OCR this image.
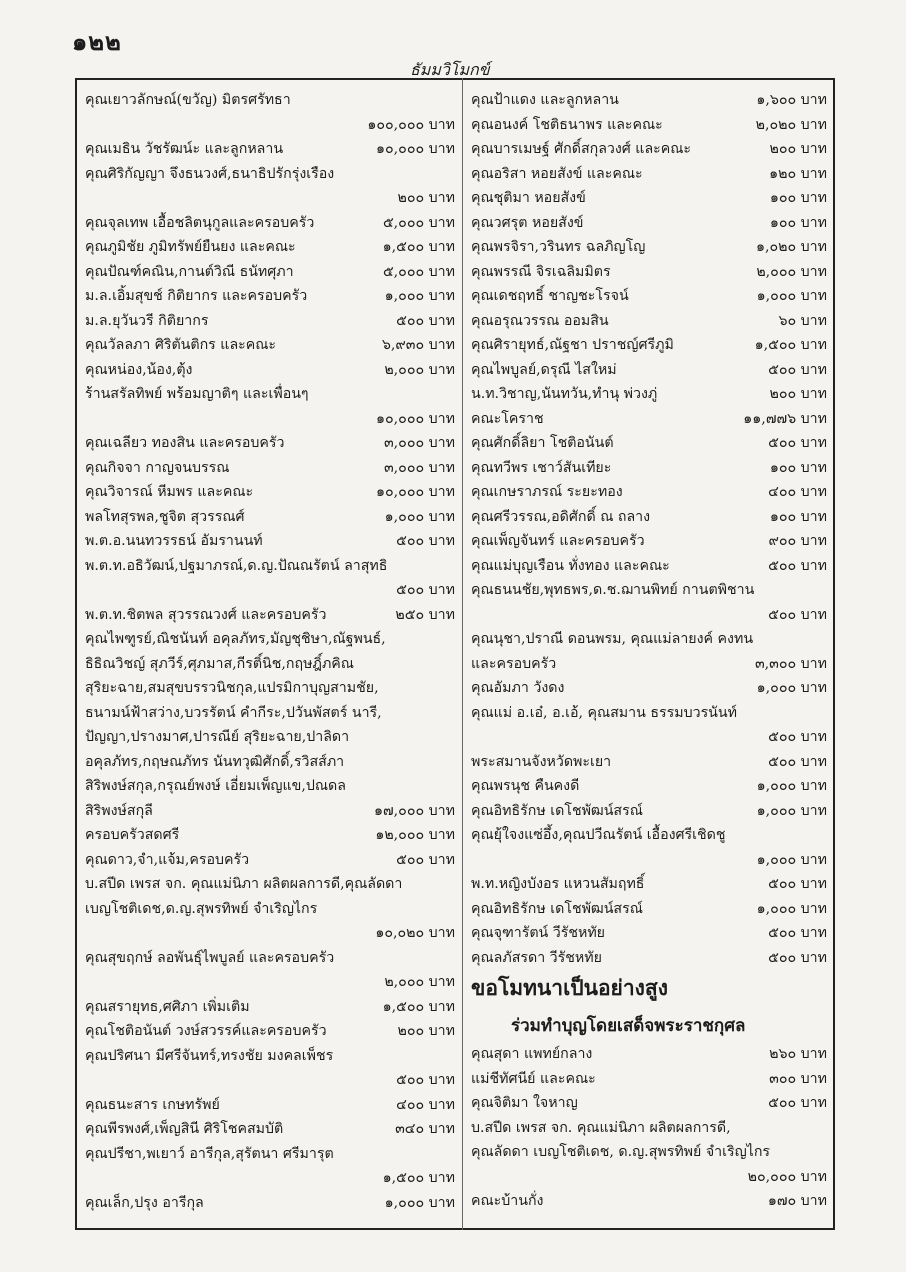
๑๒๒
ธัมมวิโมกข์
คุณเยาวลักษณ์(ขวัญ) มิตรศรัทธา
๑๐๐,๐๐๐ บาท
คุณเมธิน วัชรัฒน์ะ และลูกหลาน	๑๐,๐๐๐ บาท
คุณศิริกัญญา จึงธนวงศ์,ธนาธิปรักรุ่งเรือง
๒๐๐ บาท
คุณจุลเทพ เอื้อชลิตนุกูลและครอบครัว	๕,๐๐๐ บาท
คุณภูมิชัย ภูมิทรัพย์ยืนยง และคณะ	๑,๕๐๐ บาท
คุณปัณฑ์คณิน,กานต์วิณี ธนัทศุภา	๕,๐๐๐ บาท
ม.ล.เอิ้มสุขช์ กิติยากร และครอบครัว	๑,๐๐๐ บาท
ม.ล.ยุวันวรี กิติยากร	๕๐๐ บาท
คุณวัลลภา ศิริตันติกร และคณะ	๖,๙๓๐ บาท
คุณหน่อง,น้อง,ตุ้ง	๒,๐๐๐ บาท
ร้านสรัลทิพย์ พร้อมญาติๆ และเพื่อนๆ
๑๐,๐๐๐ บาท
คุณเฉลียว ทองสิน และครอบครัว	๓,๐๐๐ บาท
คุณกิจจา กาญจนบรรณ	๓,๐๐๐ บาท
คุณวิจารณ์ หีมพร และคณะ	๑๐,๐๐๐ บาท
พลโทสุรพล,ชูจิต สุวรรณศ์	๑,๐๐๐ บาท
พ.ต.อ.นนทวรรธน์ อัมรานนท์	๕๐๐ บาท
พ.ต.ท.อธิวัฒน์,ปฐมาภรณ์,ด.ญ.ปัณณรัตน์ ลาสุทธิ
๕๐๐ บาท
พ.ต.ท.ชิตพล สุวรรณวงศ์ และครอบครัว	๒๕๐ บาท
คุณไพฑูรย์,ณิชนันท์ อคุลภัทร,มัญชุชิษา,ณัฐพนธ์,
ธิธิณวิชญ์ สุภวีร์,ศุภมาส,กีรติ์นิช,กฤษฎิ์ภคิณ
สุริยะฉาย,สมสุขบรรวนิชกุล,แปรมิกาบุญสามชัย,
ธนามน์ฟ้าสว่าง,บวรรัตน์ คำกีระ,ปวันพัสตร์ นารี,
ปัญญา,ปรางมาศ,ปารณีย์ สุริยะฉาย,ปาลิดา
อคุลภัทร,กฤษณภัทร นันทวุฒิศักดิ์,รวิสส์ภา
สิริพงษ์สกุล,กรุณย์พงษ์ เอี่ยมเพ็ญแข,ปณดล
สิริพงษ์สกุลี	๑๗,๐๐๐ บาท
ครอบครัวสดศรี	๑๒,๐๐๐ บาท
คุณดาว,จำ,แจ้ม,ครอบครัว	๕๐๐ บาท
บ.สปีด เพรส จก. คุณแม่นิภา ผลิตผลการดี,คุณลัดดา
เบญโชติเดช,ด.ญ.สุพรทิพย์ จำเริญไกร
๑๐,๐๒๐ บาท
คุณสุขฤกษ์ ลอพันธุ์ไพบูลย์ และครอบครัว
๒,๐๐๐ บาท
คุณสรายุทธ,ศศิภา เพิ่มเติม	๑,๕๐๐ บาท
คุณโชติอนันต์ วงษ์สวรรค์และครอบครัว	๒๐๐ บาท
คุณปริศนา มีศรีจันทร์,ทรงชัย มงคลเพ็ชร
๕๐๐ บาท
คุณธนะสาร เกษทรัพย์	๔๐๐ บาท
คุณพีรพงศ์,เพ็ญสินี ศิริโชคสมบัติ	๓๔๐ บาท
คุณปรีชา,พเยาว์ อารีกุล,สุรัตนา ศรีมารุต
๑,๕๐๐ บาท
คุณเล็ก,ปรุง อารีกุล	๑,๐๐๐ บาท
คุณป้าแดง และลูกหลาน	๑,๖๐๐ บาท
คุณอนงค์ โชติธนาพร และคณะ	๒,๐๒๐ บาท
คุณบารเมษฐ์ ศักดิ์สกุลวงศ์ และคณะ	๒๐๐ บาท
คุณอริสา หอยสังข์ และคณะ	๑๒๐ บาท
คุณชุติมา หอยสังข์	๑๐๐ บาท
คุณวศรุต หอยสังข์	๑๐๐ บาท
คุณพรจิรา,วรินทร ฉลภิญโญ	๑,๐๒๐ บาท
คุณพรรณี จิรเฉลิมมิตร	๒,๐๐๐ บาท
คุณเดชฤทธิ์ ชาญชะโรจน์	๑,๐๐๐ บาท
คุณอรุณวรรณ ออมสิน	๖๐ บาท
คุณศิรายุทธ์,ณัฐชา ปราชญ์ศรีภูมิ	๑,๕๐๐ บาท
คุณไพบูลย์,ดรุณี ไสใหม่	๕๐๐ บาท
น.ท.วิชาญ,นันทวัน,ทำนุ พ่วงภู่	๒๐๐ บาท
คณะโคราช	๑๑,๗๗๖ บาท
คุณศักดิ์ลิยา โชติอนันต์	๕๐๐ บาท
คุณทวีพร เชาว์สันเทียะ	๑๐๐ บาท
คุณเกษราภรณ์ ระยะทอง	๔๐๐ บาท
คุณศรีวรรณ,อดิศักดิ์ ณ ถลาง	๑๐๐ บาท
คุณเพ็ญจันทร์ และครอบครัว	๙๐๐ บาท
คุณแม่บุญเรือน ทั่งทอง และคณะ	๕๐๐ บาท
คุณธนนชัย,พุทธพร,ด.ช.ฌานพิทย์ กานตพิชาน
๕๐๐ บาท
คุณนุชา,ปราณี ดอนพรม, คุณแม่ลายงค์ คงทน
และครอบครัว	๓,๓๐๐ บาท
คุณอัมภา วังดง	๑,๐๐๐ บาท
คุณแม่ อ.เอ๋, อ.เอ้, คุณสมาน ธรรมบวรนันท์
๕๐๐ บาท
พระสมานจังหวัดพะเยา	๕๐๐ บาท
คุณพรนุช คืนคงดี	๑,๐๐๐ บาท
คุณอิทธิรักษ เดโชพัฒน์สรณ์	๑,๐๐๐ บาท
คุณยุ้ใจงแซ่อึ้ง,คุณปวีณรัตน์ เอื้องศรีเชิดชู
๑,๐๐๐ บาท
พ.ท.หญิงบังอร แหวนสัมฤทธิ์	๕๐๐ บาท
คุณอิทธิรักษ เดโชพัฒน์สรณ์	๑,๐๐๐ บาท
คุณจุฑารัตน์ วีรัชหทัย	๕๐๐ บาท
คุณลภัสรดา วีรัชหทัย	๕๐๐ บาท
ขอโมทนาเป็นอย่างสูง
ร่วมทำบุญโดยเสด็จพระราชกุศล
คุณสุดา แพทย์กลาง	๒๖๐ บาท
แม่ชีทัศนีย์ และคณะ	๓๐๐ บาท
คุณจิติมา ใจหาญ	๕๐๐ บาท
บ.สปีด เพรส จก. คุณแม่นิภา ผลิตผลการดี,
คุณลัดดา เบญโชติเดช, ด.ญ.สุพรทิพย์ จำเริญไกร
๒๐,๐๐๐ บาท
คณะบ้านกั่ง	๑๗๐ บาท
